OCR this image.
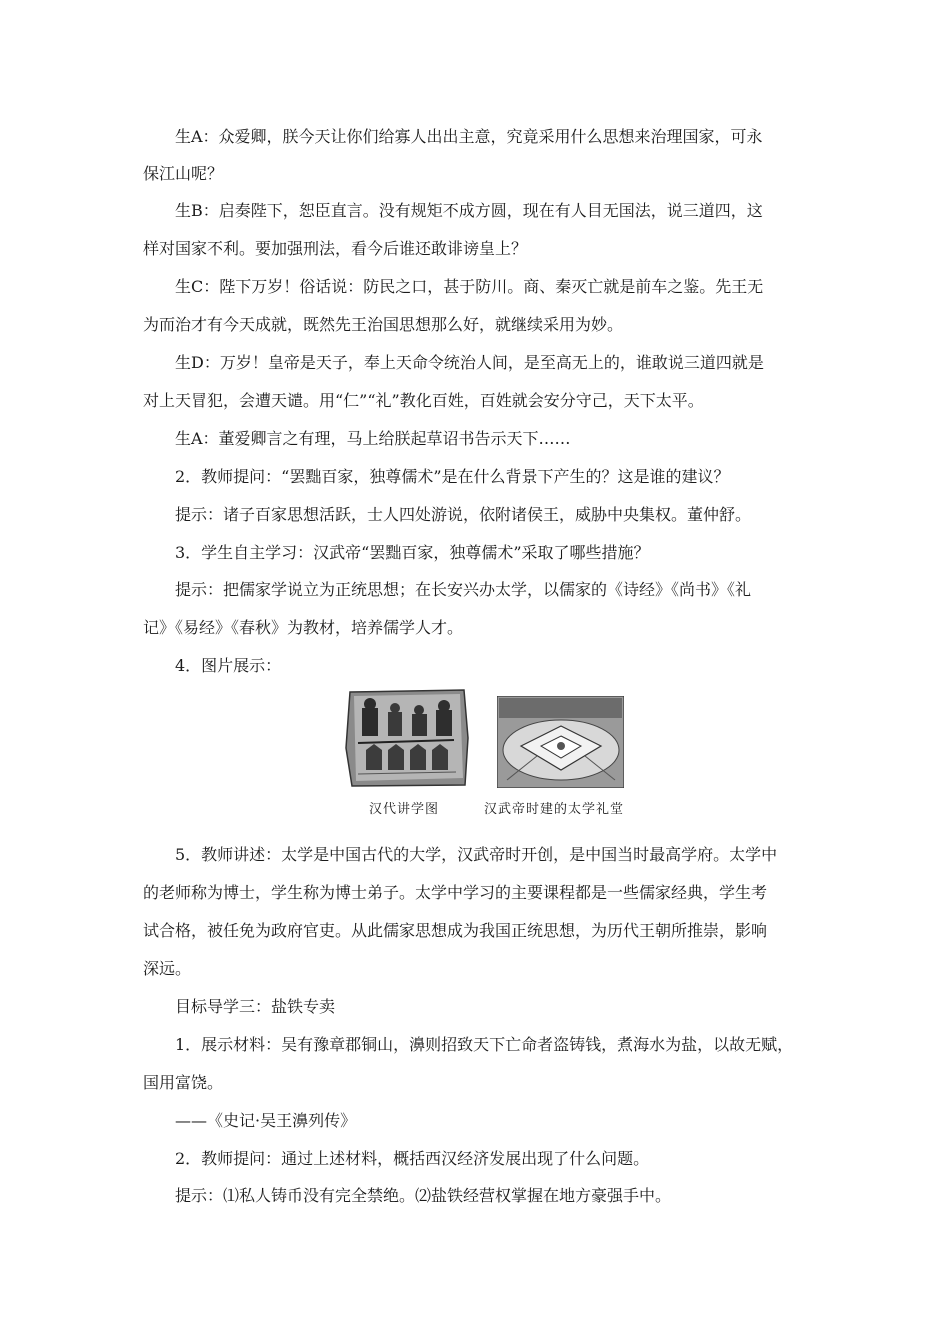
生A：众爱卿，朕今天让你们给寡人出出主意，究竟采用什么思想来治理国家，可永

保江山呢？

生B：启奏陛下，恕臣直言。没有规矩不成方圆，现在有人目无国法，说三道四，这

样对国家不利。要加强刑法，看今后谁还敢诽谤皇上？

生C：陛下万岁！俗话说：防民之口，甚于防川。商、秦灭亡就是前车之鉴。先王无

为而治才有今天成就，既然先王治国思想那么好，就继续采用为妙。

生D：万岁！皇帝是天子，奉上天命令统治人间，是至高无上的，谁敢说三道四就是

对上天冒犯，会遭天谴。用“仁”“礼”教化百姓，百姓就会安分守己，天下太平。

生A：董爱卿言之有理，马上给朕起草诏书告示天下……

2．教师提问：“罢黜百家，独尊儒术”是在什么背景下产生的？这是谁的建议？

提示：诸子百家思想活跃，士人四处游说，依附诸侯王，威胁中央集权。董仲舒。

3．学生自主学习：汉武帝“罢黜百家，独尊儒术”采取了哪些措施？

提示：把儒家学说立为正统思想；在长安兴办太学，以儒家的《诗经》《尚书》《礼

记》《易经》《春秋》为教材，培养儒学人才。

4．图片展示：

汉代讲学图	汉武帝时建的太学礼堂

5．教师讲述：太学是中国古代的大学，汉武帝时开创，是中国当时最高学府。太学中

的老师称为博士，学生称为博士弟子。太学中学习的主要课程都是一些儒家经典，学生考

试合格，被任免为政府官吏。从此儒家思想成为我国正统思想，为历代王朝所推崇，影响

深远。

目标导学三：盐铁专卖

1．展示材料：吴有豫章郡铜山，濞则招致天下亡命者盗铸钱，煮海水为盐，以故无赋，

国用富饶。

——《史记·吴王濞列传》

2．教师提问：通过上述材料，概括西汉经济发展出现了什么问题。

提示：⑴私人铸币没有完全禁绝。⑵盐铁经营权掌握在地方豪强手中。
